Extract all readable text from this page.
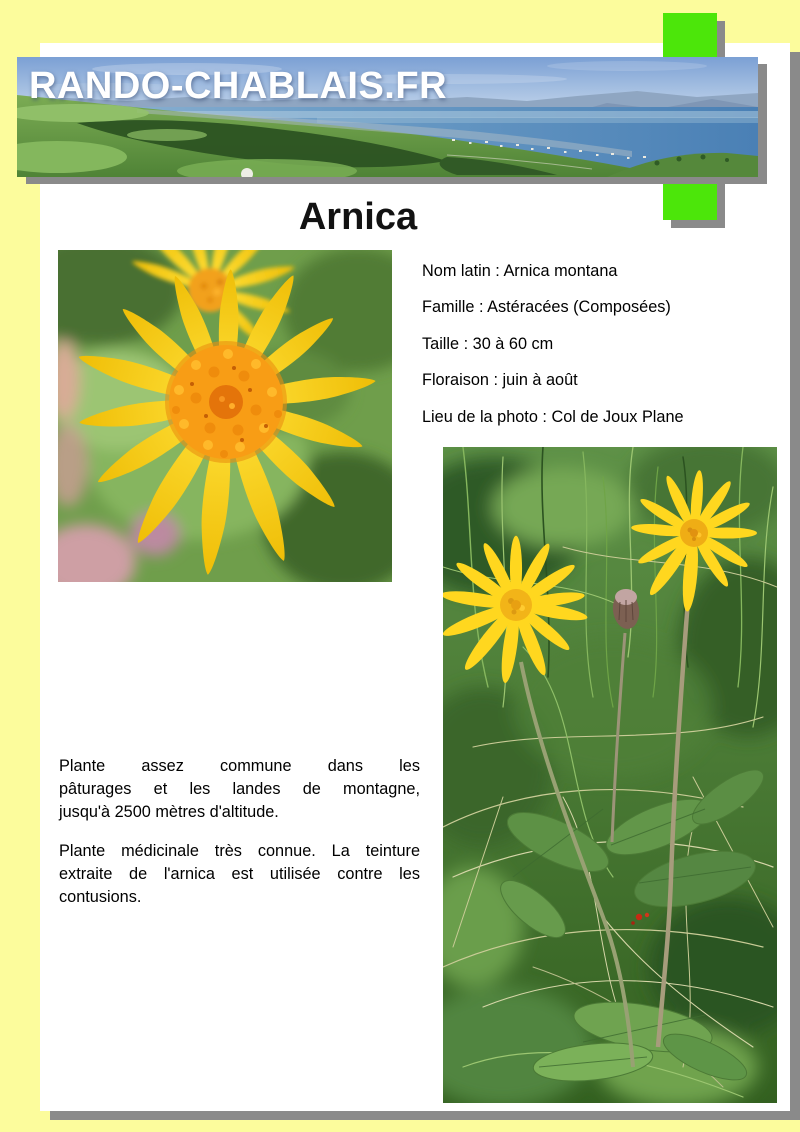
RANDO-CHABLAIS.FR
Arnica
Nom latin : Arnica montana
Famille : Astéracées (Composées)
Taille : 30 à 60 cm
Floraison : juin à août
Lieu de la photo : Col de Joux Plane
Plante assez commune dans les
pâturages et les landes de montagne,
jusqu'à 2500 mètres d'altitude.
Plante médicinale très connue. La teinture
extraite de l'arnica est utilisée contre les
contusions.
